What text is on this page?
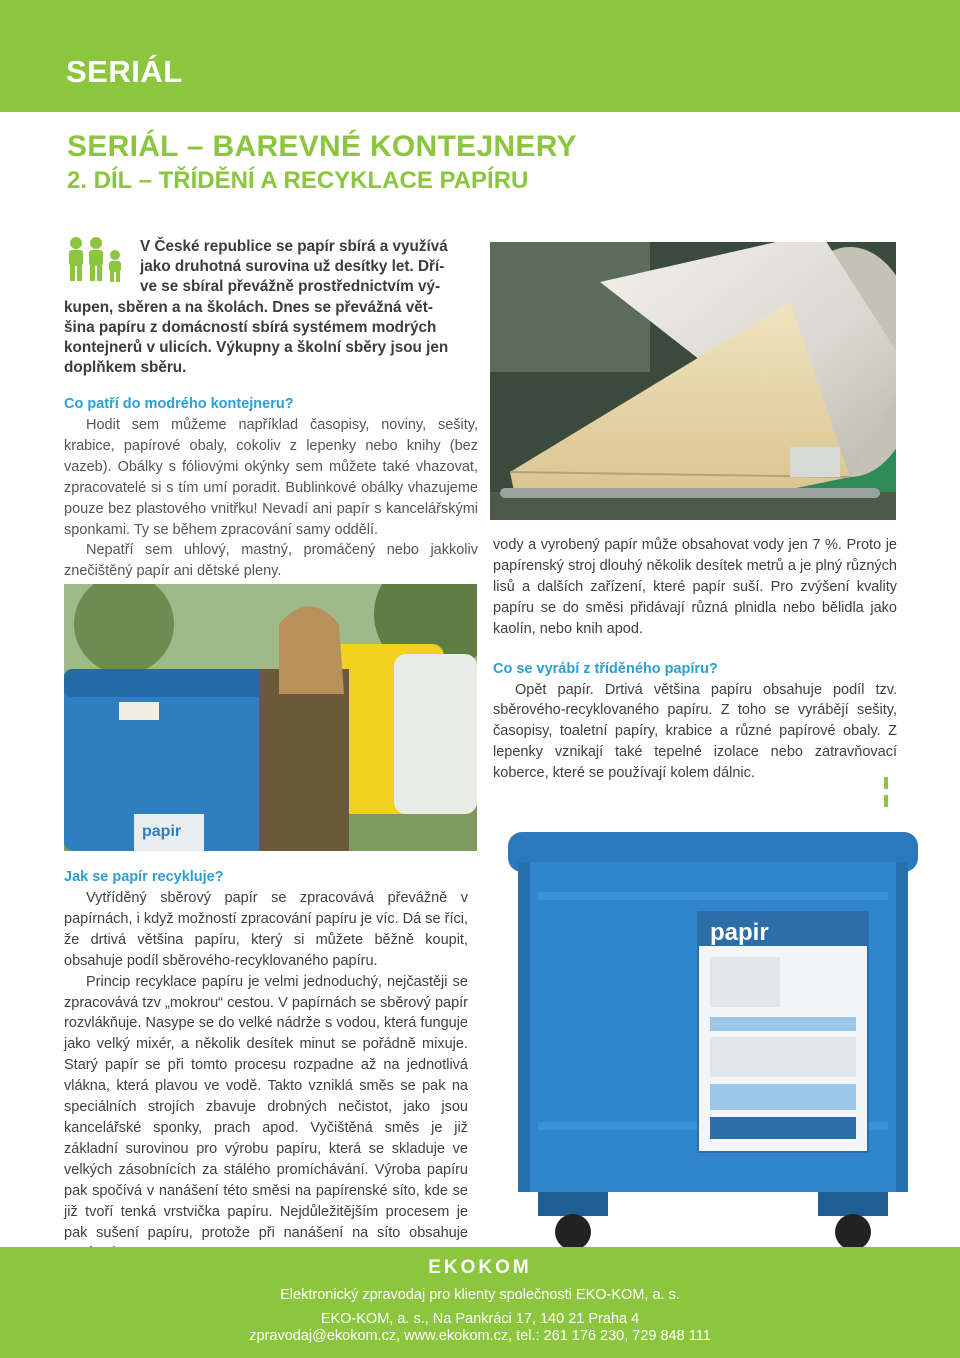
SERIÁL
SERIÁL – BAREVNÉ KONTEJNERY
2. DÍL – TŘÍDĚNÍ A RECYKLACE PAPÍRU
V České republice se papír sbírá a využívá
jako druhotná surovina už desítky let. Dří-
ve se sbíral převážně prostřednictvím vý-
kupen, sběren a na školách. Dnes se převážná vět-
šina papíru z domácností sbírá systémem modrých
kontejnerů v ulicích. Výkupny a školní sběry jsou jen
doplňkem sběru.

Co patří do modrého kontejneru?

Hodit sem můžeme například časopisy, noviny, sešity, krabice, papírové obaly, cokoliv z lepenky nebo knihy (bez vazeb). Obálky s fóliovými okýnky sem můžete také vhazovat, zpracovatelé si s tím umí poradit. Bublinkové obálky vhazujeme pouze bez plastového vnitřku! Nevadí ani papír s kancelářskými sponkami. Ty se během zpracování samy oddělí.

Nepatří sem uhlový, mastný, promáčený nebo jakkoliv znečištěný papír ani dětské pleny.

vody a vyrobený papír může obsahovat vody jen 7 %. Proto je papírenský stroj dlouhý několik desítek metrů a je plný různých lisů a dalších zařízení, které papír suší. Pro zvýšení kvality papíru se do směsi přidávají různá plnidla nebo bělidla jako kaolín, nebo knih apod.

Co se vyrábí z tříděného papíru?

Opět papír. Drtivá většina papíru obsahuje podíl tzv. sběrového-recyklovaného papíru. Z toho se vyrábějí sešity, časopisy, toaletní papíry, krabice a různé papírové obaly. Z lepenky vznikají také tepelné izolace nebo zatravňovací koberce, které se používají kolem dálnic.

papir
papir

Jak se papír recykluje?

Vytříděný sběrový papír se zpracovává převážně v papírnách, i když možností zpracování papíru je víc. Dá se říci, že drtivá většina papíru, který si můžete běžně koupit, obsahuje podíl sběrového-recyklovaného papíru.

Princip recyklace papíru je velmi jednoduchý, nejčastěji se zpracovává tzv „mokrou“ cestou. V papírnách se sběrový papír rozvlákňuje. Nasype se do velké nádrže s vodou, která funguje jako velký mixér, a několik desítek minut se pořádně mixuje. Starý papír se při tomto procesu rozpadne až na jednotlivá vlákna, která plavou ve vodě. Takto vzniklá směs se pak na speciálních strojích zbavuje drobných nečistot, jako jsou kancelářské sponky, prach apod. Vyčištěná směs je již základní surovinou pro výrobu papíru, která se skladuje ve velkých zásobnících za stálého promíchávání. Výroba papíru pak spočívá v nanášení této směsi na papírenské síto, kde se již tvoří tenká vrstvička papíru. Nejdůležitějším procesem je pak sušení papíru, protože při nanášení na síto obsahuje

EKOKOM
Elektronický zpravodaj pro klienty společnosti EKO-KOM, a. s.
EKO-KOM, a. s., Na Pankráci 17, 140 21 Praha 4
zpravodaj@ekokom.cz, www.ekokom.cz, tel.: 261 176 230, 729 848 111
